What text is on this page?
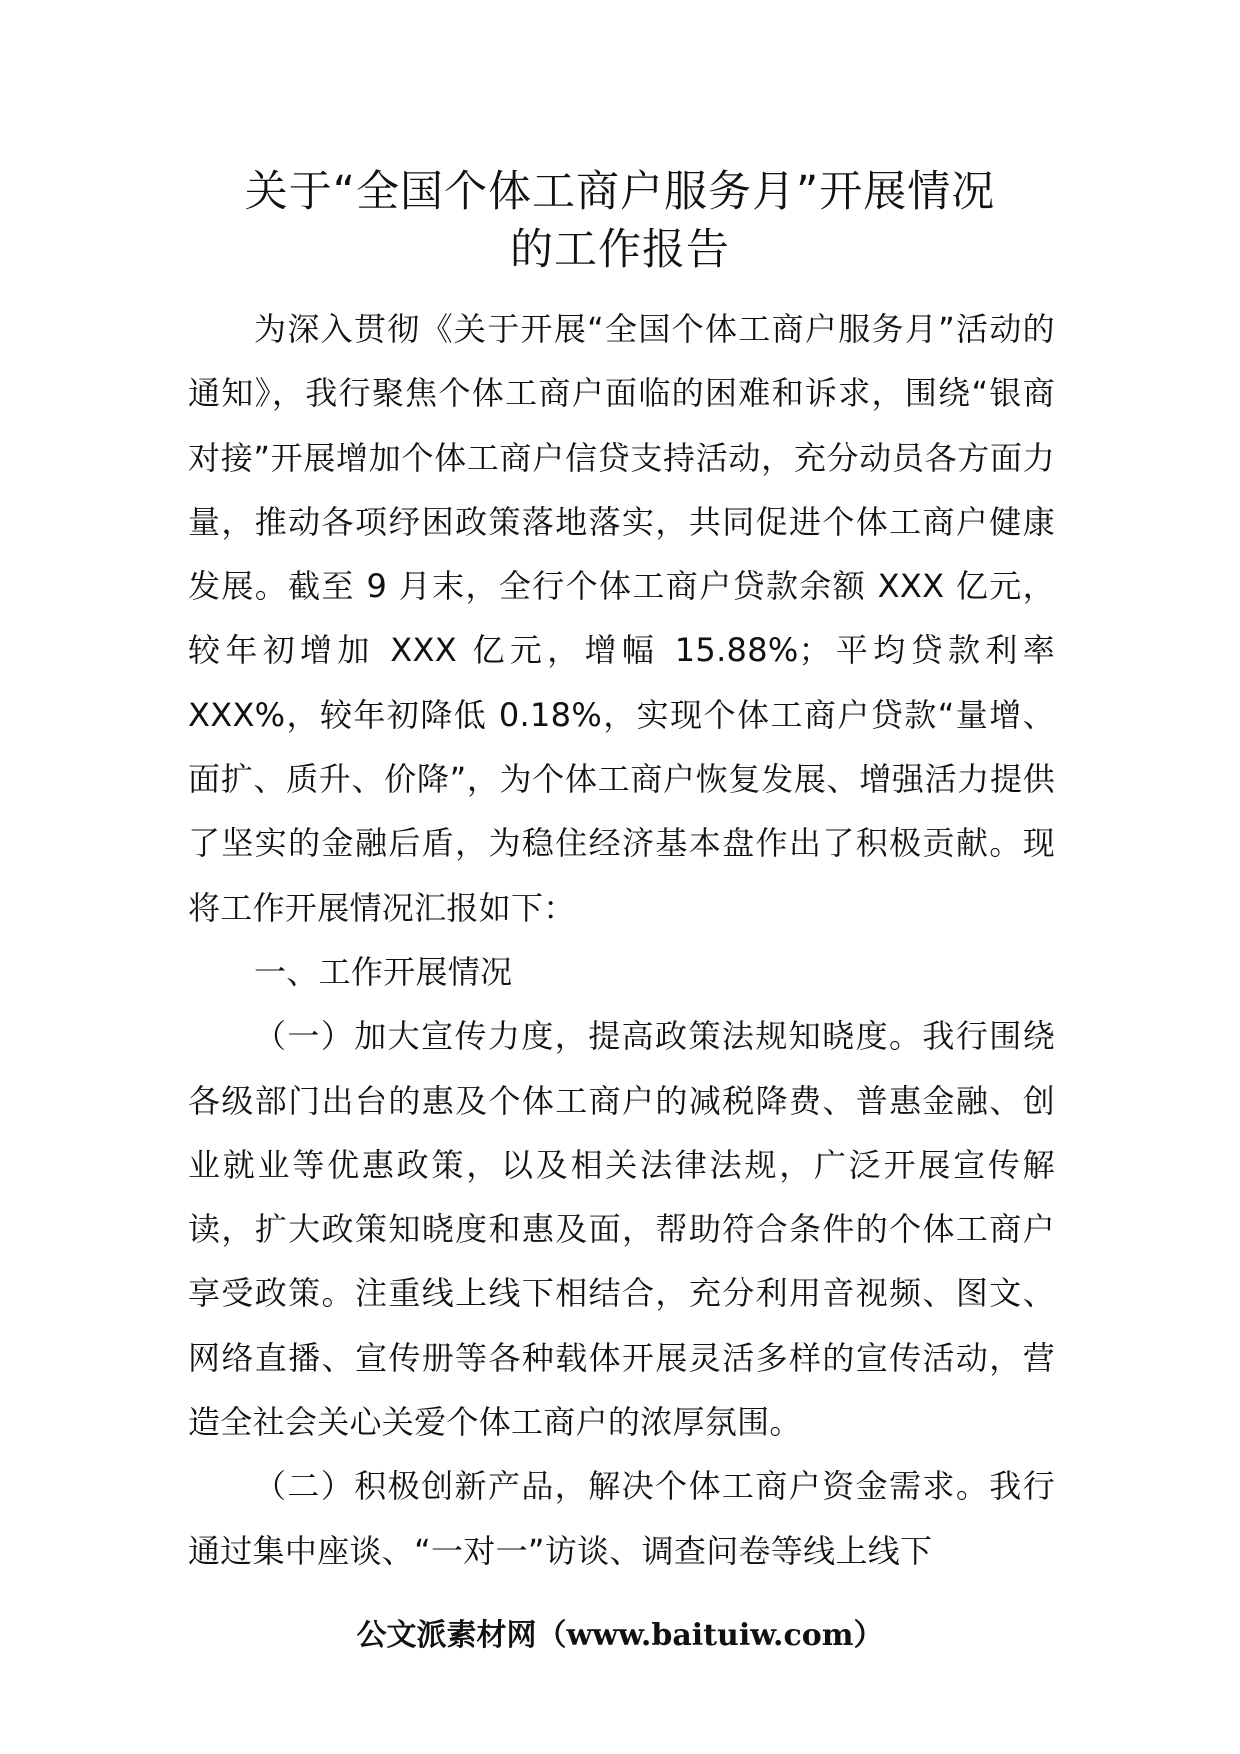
关于“全国个体工商户服务月”开展情况
的工作报告

为深入贯彻《关于开展“全国个体工商户服务月”活动的通知》，我行聚焦个体工商户面临的困难和诉求，围绕“银商对接”开展增加个体工商户信贷支持活动，充分动员各方面力量，推动各项纾困政策落地落实，共同促进个体工商户健康发展。截至 9 月末，全行个体工商户贷款余额 XXX 亿元，较年初增加 XXX 亿元，增幅 15.88%；平均贷款利率 XXX%，较年初降低 0.18%，实现个体工商户贷款“量增、面扩、质升、价降”，为个体工商户恢复发展、增强活力提供了坚实的金融后盾，为稳住经济基本盘作出了积极贡献。现将工作开展情况汇报如下：

一、工作开展情况

（一）加大宣传力度，提高政策法规知晓度。我行围绕各级部门出台的惠及个体工商户的减税降费、普惠金融、创业就业等优惠政策，以及相关法律法规，广泛开展宣传解读，扩大政策知晓度和惠及面，帮助符合条件的个体工商户享受政策。注重线上线下相结合，充分利用音视频、图文、网络直播、宣传册等各种载体开展灵活多样的宣传活动，营造全社会关心关爱个体工商户的浓厚氛围。

（二）积极创新产品，解决个体工商户资金需求。我行通过集中座谈、“一对一”访谈、调查问卷等线上线下

公文派素材网（www.baituiw.com）
